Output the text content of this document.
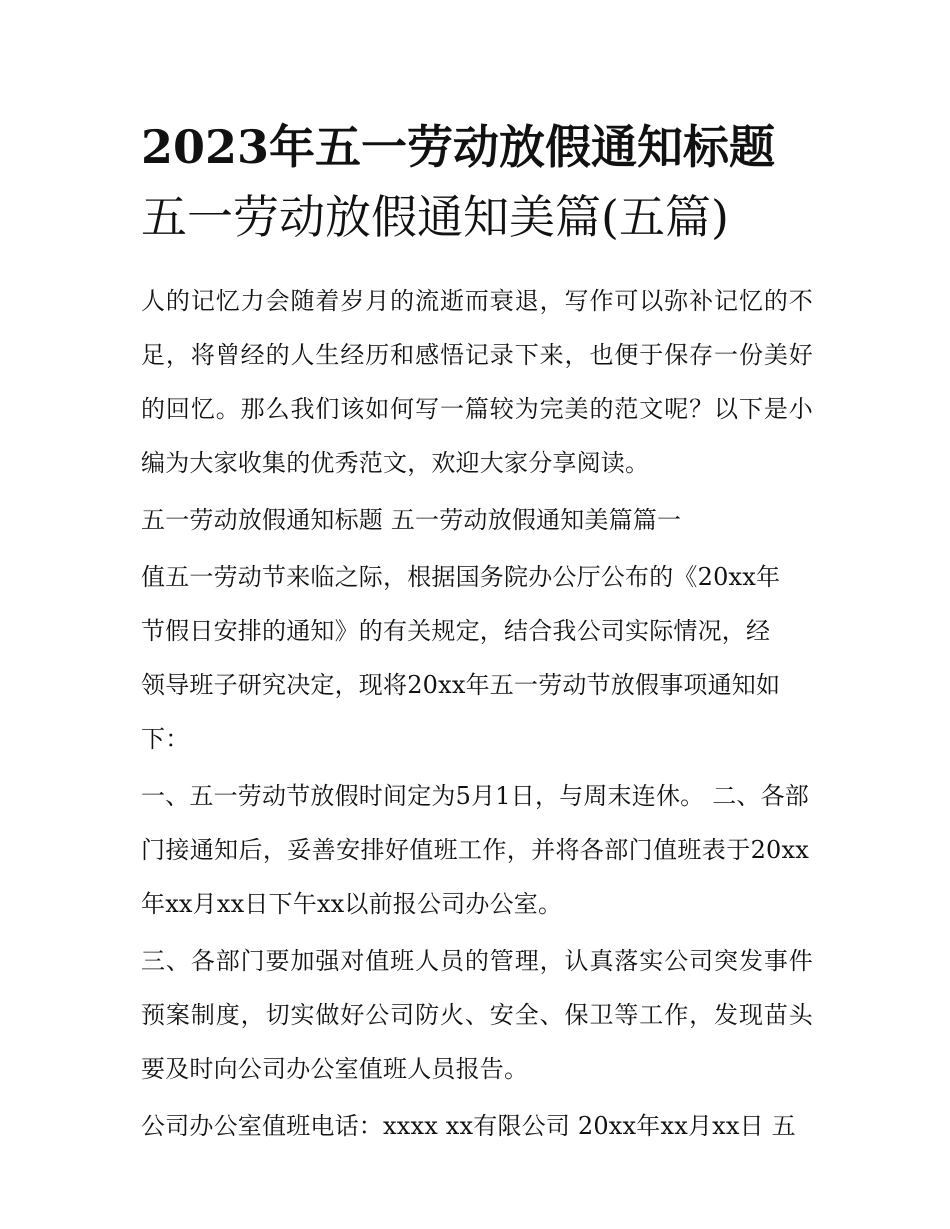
2023年五一劳动放假通知标题
五一劳动放假通知美篇(五篇)

人的记忆力会随着岁月的流逝而衰退，写作可以弥补记忆的不足，将曾经的人生经历和感悟记录下来，也便于保存一份美好的回忆。那么我们该如何写一篇较为完美的范文呢？以下是小编为大家收集的优秀范文，欢迎大家分享阅读。

五一劳动放假通知标题 五一劳动放假通知美篇篇一

值五一劳动节来临之际，根据国务院办公厅公布的《20xx年节假日安排的通知》的有关规定，结合我公司实际情况，经领导班子研究决定，现将20xx年五一劳动节放假事项通知如下：

一、五一劳动节放假时间定为5月1日，与周末连休。 二、各部门接通知后，妥善安排好值班工作，并将各部门值班表于20xx年xx月xx日下午xx以前报公司办公室。

三、各部门要加强对值班人员的管理，认真落实公司突发事件预案制度，切实做好公司防火、安全、保卫等工作，发现苗头要及时向公司办公室值班人员报告。

公司办公室值班电话：xxxx xx有限公司 20xx年xx月xx日 五
